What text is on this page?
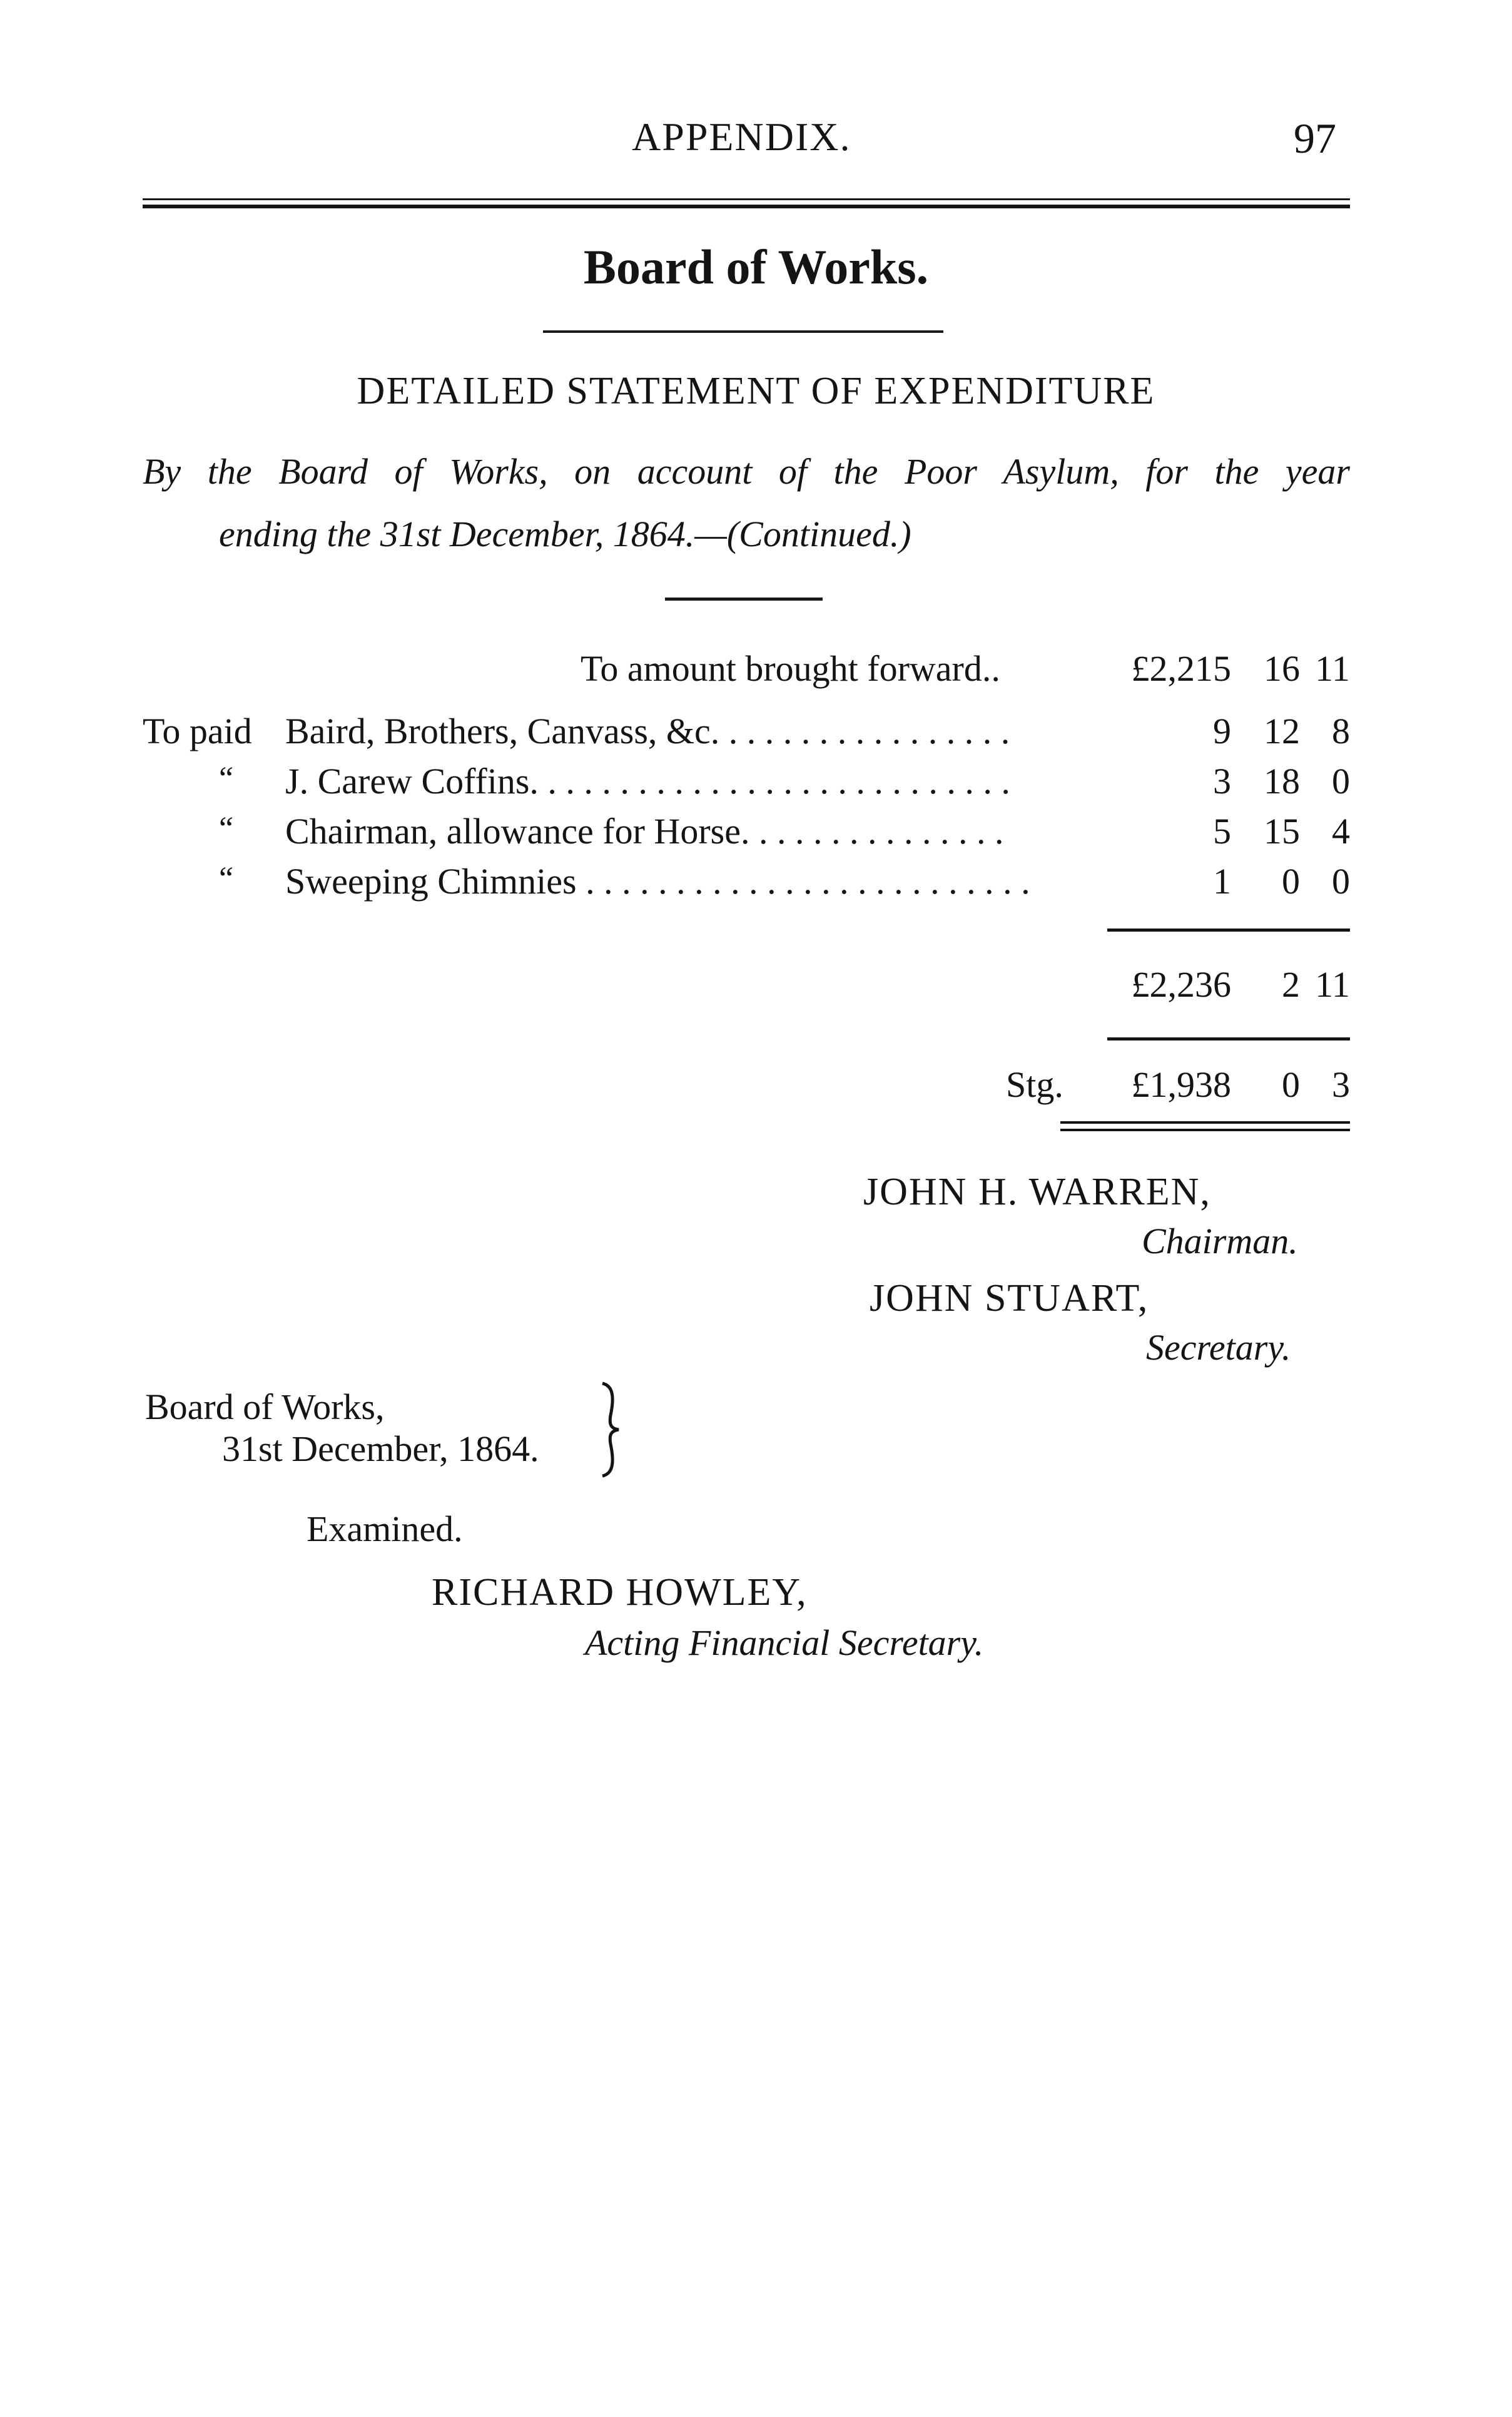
APPENDIX.	97
Board of Works.
DETAILED STATEMENT OF EXPENDITURE
By the Board of Works, on account of the Poor Asylum, for the year
ending the 31st December, 1864.—(Continued.)
To amount brought forward..	£2,215 16 11
To paid Baird, Brothers, Canvass, &c. . . . . . . . . . . . . . . . .	9 12 8
“ J. Carew Coffins. . . . . . . . . . . . . . . . . . . . . . . . . . .	3 18 0
“ Chairman, allowance for Horse. . . . . . . . . . . . . . .	5 15 4
“ Sweeping Chimnies . . . . . . . . . . . . . . . . . . . . . . . . .	1	0 0
£2,236	2 11
Stg. £1,938	0 3
JOHN H. WARREN,
Chairman.
JOHN STUART,
Secretary.
Board of Works,
31st December, 1864.
Examined.
RICHARD HOWLEY,
Acting Financial Secretary.
